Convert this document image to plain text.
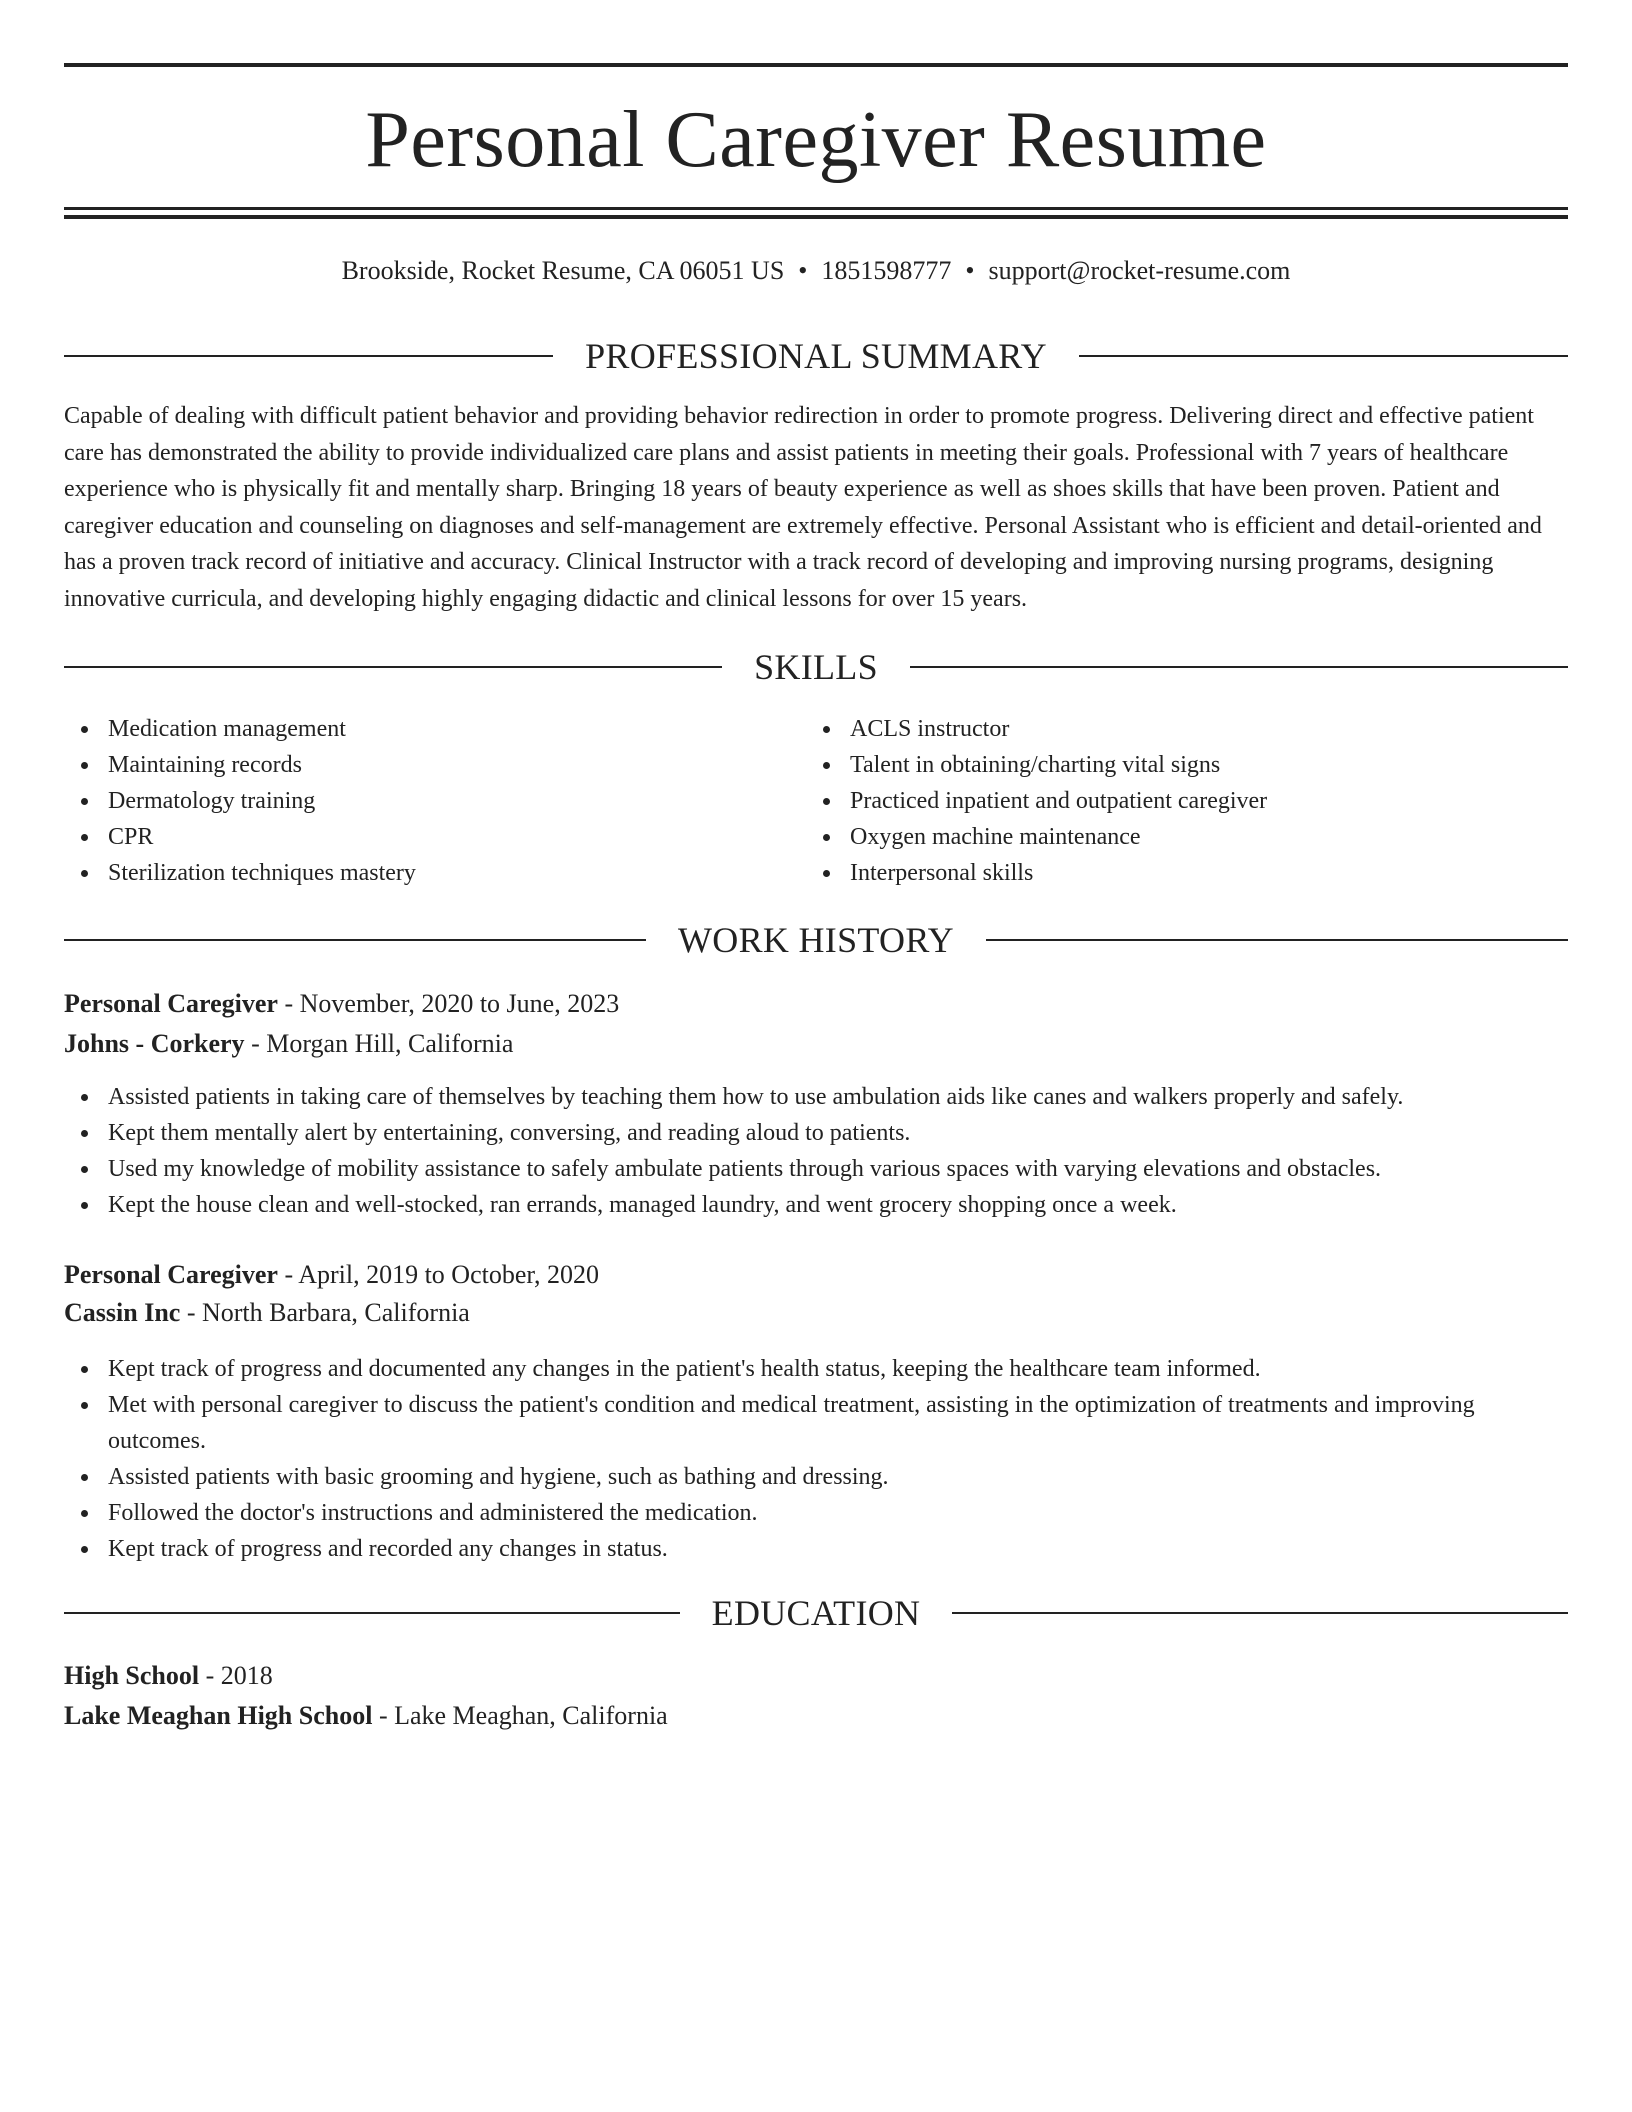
Personal Caregiver Resume
Brookside, Rocket Resume, CA 06051 US • 1851598777 • support@rocket-resume.com
PROFESSIONAL SUMMARY

Capable of dealing with difficult patient behavior and providing behavior redirection in order to promote progress. Delivering direct and effective patient care has demonstrated the ability to provide individualized care plans and assist patients in meeting their goals. Professional with 7 years of healthcare experience who is physically fit and mentally sharp. Bringing 18 years of beauty experience as well as shoes skills that have been proven. Patient and caregiver education and counseling on diagnoses and self-management are extremely effective. Personal Assistant who is efficient and detail-oriented and has a proven track record of initiative and accuracy. Clinical Instructor with a track record of developing and improving nursing programs, designing innovative curricula, and developing highly engaging didactic and clinical lessons for over 15 years.

SKILLS
Medication management
Maintaining records
Dermatology training
CPR
Sterilization techniques mastery
ACLS instructor
Talent in obtaining/charting vital signs
Practiced inpatient and outpatient caregiver
Oxygen machine maintenance
Interpersonal skills
WORK HISTORY
Personal Caregiver - November, 2020 to June, 2023
Johns - Corkery - Morgan Hill, California
Assisted patients in taking care of themselves by teaching them how to use ambulation aids like canes and walkers properly and safely.
Kept them mentally alert by entertaining, conversing, and reading aloud to patients.
Used my knowledge of mobility assistance to safely ambulate patients through various spaces with varying elevations and obstacles.
Kept the house clean and well-stocked, ran errands, managed laundry, and went grocery shopping once a week.
Personal Caregiver - April, 2019 to October, 2020
Cassin Inc - North Barbara, California
Kept track of progress and documented any changes in the patient's health status, keeping the healthcare team informed.
Met with personal caregiver to discuss the patient's condition and medical treatment, assisting in the optimization of treatments and improving outcomes.
Assisted patients with basic grooming and hygiene, such as bathing and dressing.
Followed the doctor's instructions and administered the medication.
Kept track of progress and recorded any changes in status.
EDUCATION
High School - 2018
Lake Meaghan High School - Lake Meaghan, California
